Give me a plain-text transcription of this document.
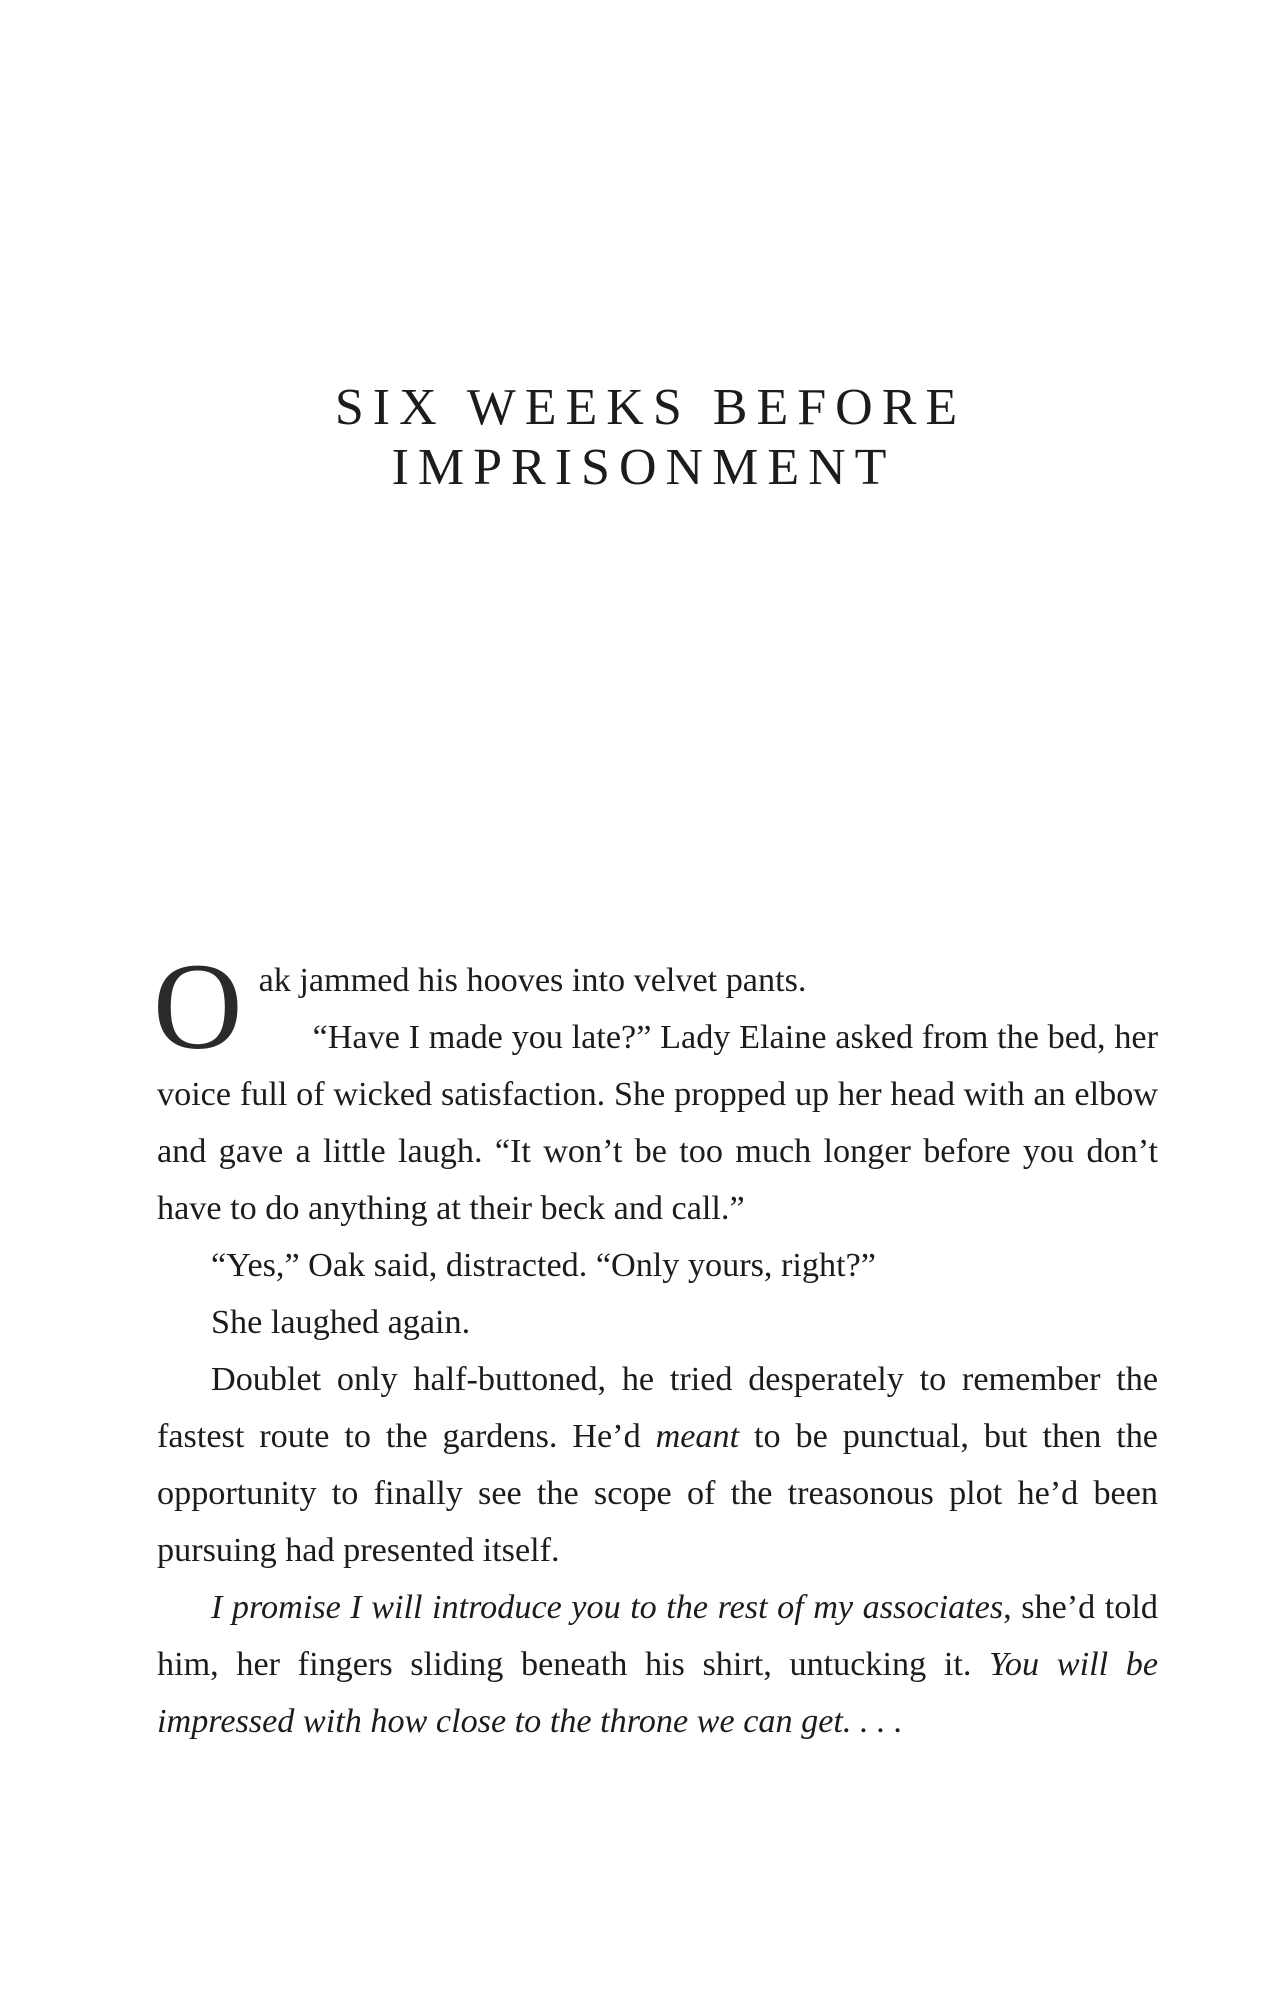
SIX WEEKS BEFORE
IMPRISONMENT

Oak jammed his hooves into velvet pants.

“Have I made you late?” Lady Elaine asked from the bed, her voice full of wicked satisfaction. She propped up her head with an elbow and gave a little laugh. “It won’t be too much longer before you don’t have to do anything at their beck and call.”

“Yes,” Oak said, distracted. “Only yours, right?”

She laughed again.

Doublet only half-buttoned, he tried desperately to remember the fastest route to the gardens. He’d meant to be punctual, but then the opportunity to finally see the scope of the treasonous plot he’d been pursuing had presented itself.

I promise I will introduce you to the rest of my associates, she’d told him, her fingers sliding beneath his shirt, untucking it. You will be impressed with how close to the throne we can get. . . .
